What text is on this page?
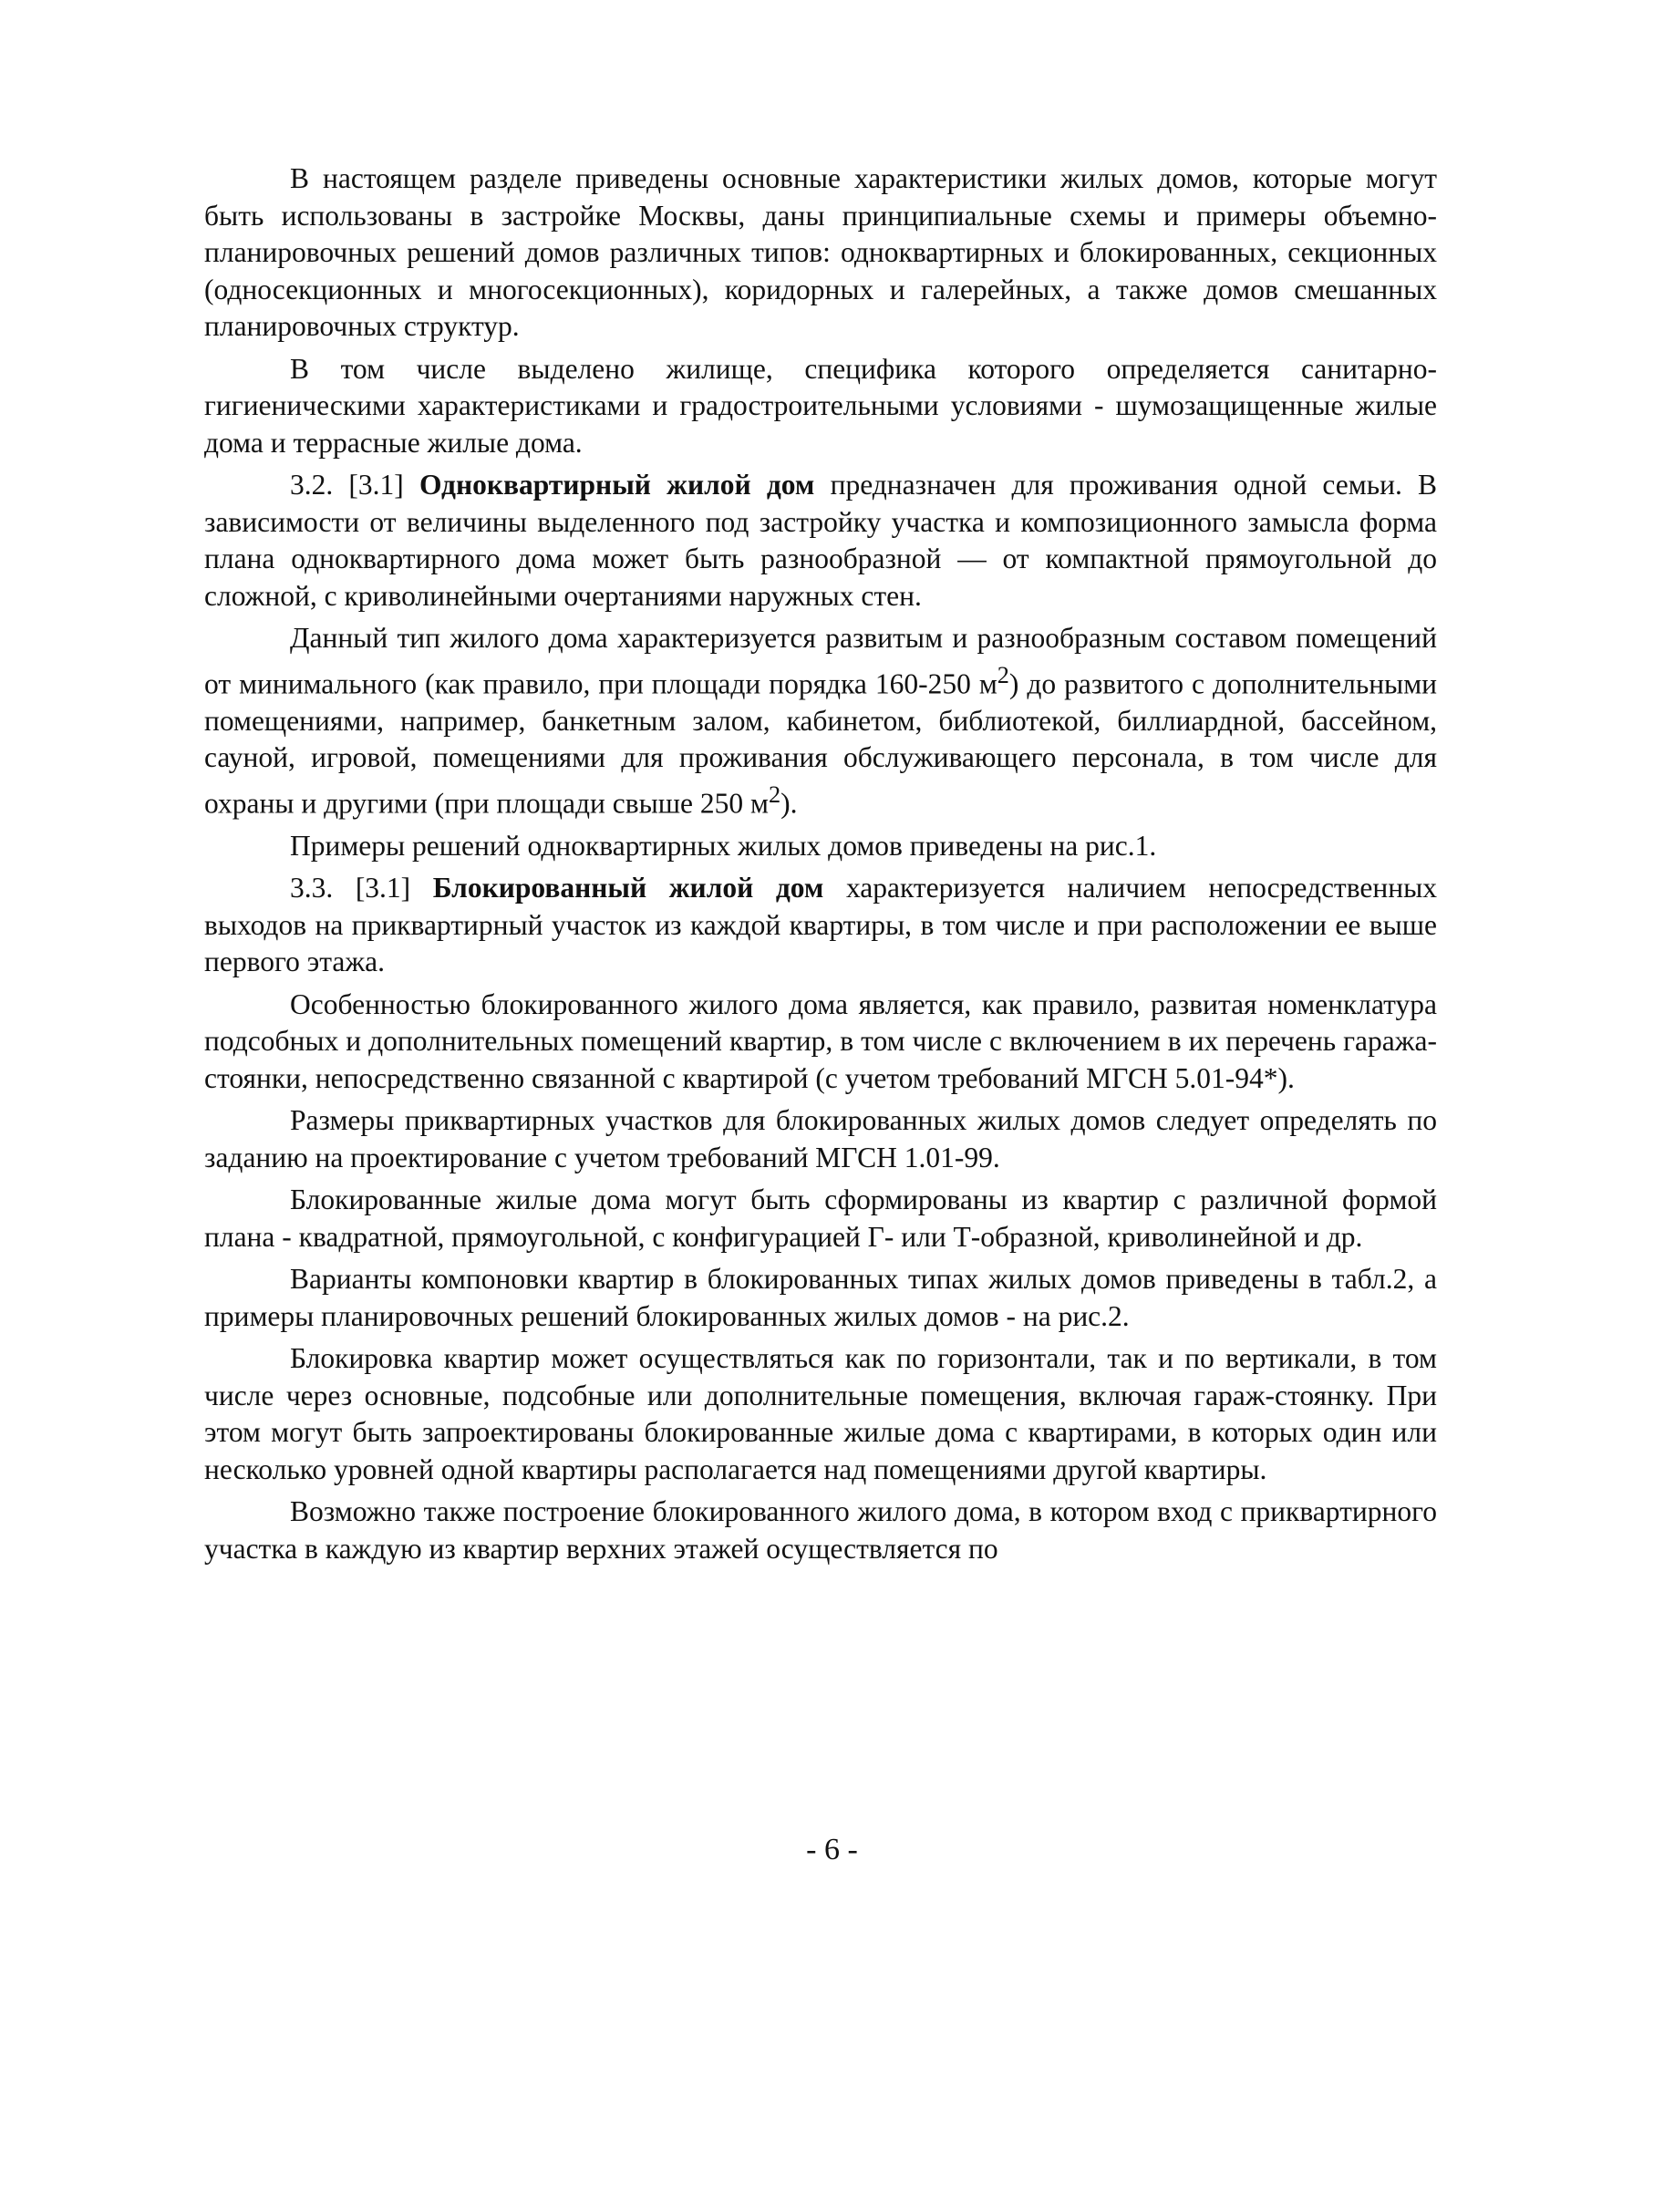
В настоящем разделе приведены основные характеристики жилых домов, которые могут быть использованы в застройке Москвы, даны принципиальные схемы и примеры объемно-планировочных решений домов различных типов: одноквартирных и блокированных, секционных (односекционных и многосекционных), коридорных и галерейных, а также домов смешанных планировочных структур.

В том числе выделено жилище, специфика которого определяется санитарно-гигиеническими характеристиками и градостроительными условиями - шумозащищенные жилые дома и террасные жилые дома.

3.2. [3.1] Одноквартирный жилой дом предназначен для проживания одной семьи. В зависимости от величины выделенного под застройку участка и композиционного замысла форма плана одноквартирного дома может быть разнообразной — от компактной прямоугольной до сложной, с криволинейными очертаниями наружных стен.

Данный тип жилого дома характеризуется развитым и разнообразным составом помещений от минимального (как правило, при площади порядка 160-250 $м^2$) до развитого с дополнительными помещениями, например, банкетным залом, кабинетом, библиотекой, биллиардной, бассейном, сауной, игровой, помещениями для проживания обслуживающего персонала, в том числе для охраны и другими (при площади свыше 250 $м^2$).

Примеры решений одноквартирных жилых домов приведены на рис.1.

3.3. [3.1] Блокированный жилой дом характеризуется наличием непосредственных выходов на приквартирный участок из каждой квартиры, в том числе и при расположении ее выше первого этажа.

Особенностью блокированного жилого дома является, как правило, развитая номенклатура подсобных и дополнительных помещений квартир, в том числе с включением в их перечень гаража-стоянки, непосредственно связанной с квартирой (с учетом требований МГСН 5.01-94*).

Размеры приквартирных участков для блокированных жилых домов следует определять по заданию на проектирование с учетом требований МГСН 1.01-99.

Блокированные жилые дома могут быть сформированы из квартир с различной формой плана - квадратной, прямоугольной, с конфигурацией Г- или Т-образной, криволинейной и др.

Варианты компоновки квартир в блокированных типах жилых домов приведены в табл.2, а примеры планировочных решений блокированных жилых домов - на рис.2.

Блокировка квартир может осуществляться как по горизонтали, так и по вертикали, в том числе через основные, подсобные или дополнительные помещения, включая гараж-стоянку. При этом могут быть запроектированы блокированные жилые дома с квартирами, в которых один или несколько уровней одной квартиры располагается над помещениями другой квартиры.

Возможно также построение блокированного жилого дома, в котором вход с приквартирного участка в каждую из квартир верхних этажей осуществляется по

- 6 -
